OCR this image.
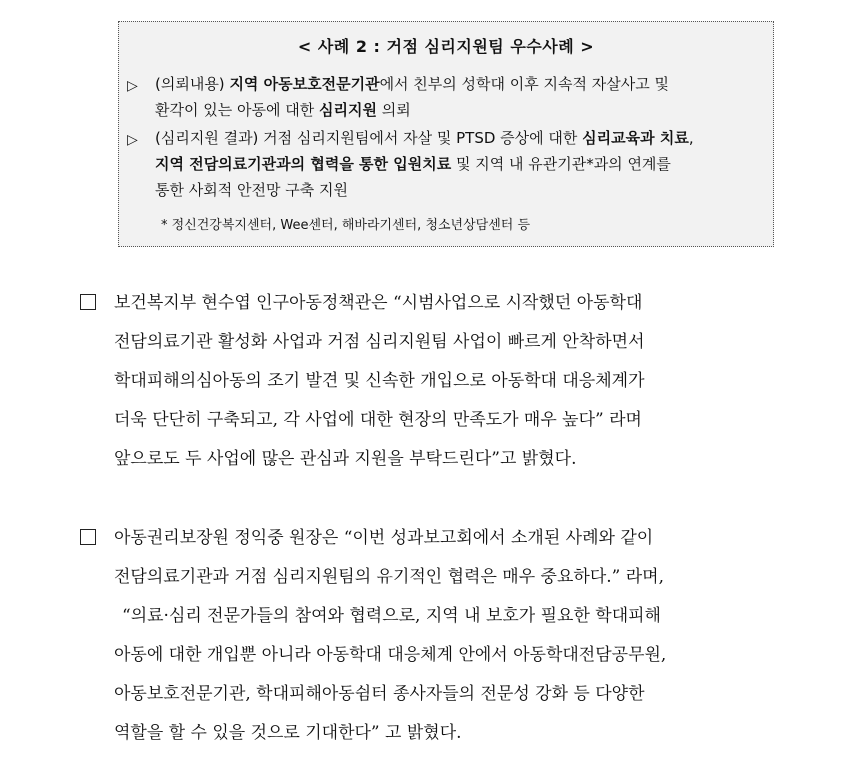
< 사례 2 : 거점 심리지원팀 우수사례 >
▷ (의뢰내용) 지역 아동보호전문기관에서 친부의 성학대 이후 지속적 자살사고 및
환각이 있는 아동에 대한 심리지원 의뢰
▷ (심리지원 결과) 거점 심리지원팀에서 자살 및 PTSD 증상에 대한 심리교육과 치료,
지역 전담의료기관과의 협력을 통한 입원치료 및 지역 내 유관기관*과의 연계를
통한 사회적 안전망 구축 지원
* 정신건강복지센터, Wee센터, 해바라기센터, 청소년상담센터 등
보건복지부 현수엽 인구아동정책관은 “시범사업으로 시작했던 아동학대
전담의료기관 활성화 사업과 거점 심리지원팀 사업이 빠르게 안착하면서
학대피해의심아동의 조기 발견 및 신속한 개입으로 아동학대 대응체계가
더욱 단단히 구축되고, 각 사업에 대한 현장의 만족도가 매우 높다” 라며
앞으로도 두 사업에 많은 관심과 지원을 부탁드린다”고 밝혔다.
아동권리보장원 정익중 원장은 “이번 성과보고회에서 소개된 사례와 같이
전담의료기관과 거점 심리지원팀의 유기적인 협력은 매우 중요하다.” 라며,
“의료·심리 전문가들의 참여와 협력으로, 지역 내 보호가 필요한 학대피해
아동에 대한 개입뿐 아니라 아동학대 대응체계 안에서 아동학대전담공무원,
아동보호전문기관, 학대피해아동쉼터 종사자들의 전문성 강화 등 다양한
역할을 할 수 있을 것으로 기대한다” 고 밝혔다.
